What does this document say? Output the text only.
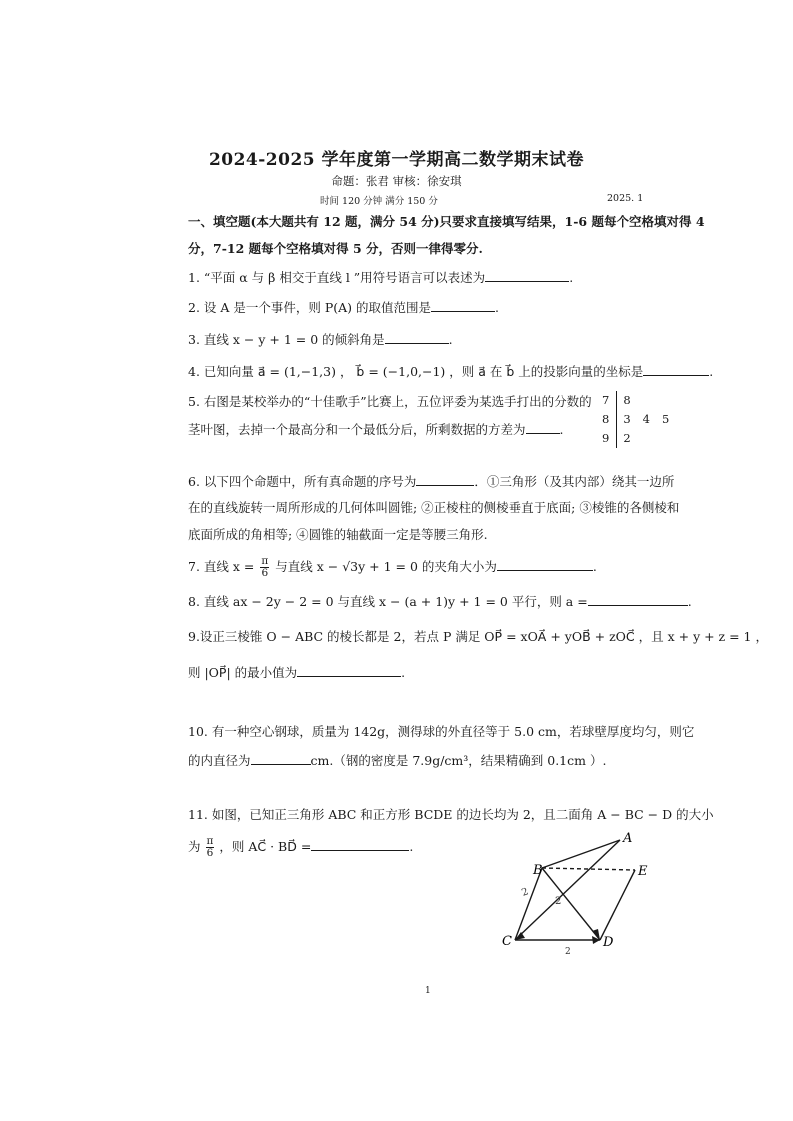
2024-2025 学年度第一学期高二数学期末试卷
命题：张君 审核：徐安琪
时间 120 分钟 满分 150 分	2025. 1
一、填空题(本大题共有 12 题，满分 54 分)只要求直接填写结果，1-6 题每个空格填对得 4
分，7-12 题每个空格填对得 5 分，否则一律得零分.
1. “平面 α 与 β 相交于直线 l ”用符号语言可以表述为	.
2. 设 A 是一个事件，则 P(A) 的取值范围是	.
3. 直线 x − y + 1 = 0 的倾斜角是	.
4. 已知向量 a⃗ = (1,−1,3) ， b⃗ = (−1,0,−1) ，则 a⃗ 在 b⃗ 上的投影向量的坐标是	.
5. 右图是某校举办的“十佳歌手”比赛上，五位评委为某选手打出的分数的
茎叶图，去掉一个最高分和一个最低分后，所剩数据的方差为	.
7	8		
8	3	4	5
9	2		
6. 以下四个命题中，所有真命题的序号为	．①三角形（及其内部）绕其一边所
在的直线旋转一周所形成的几何体叫圆锥; ②正棱柱的侧棱垂直于底面; ③棱锥的各侧棱和
底面所成的角相等; ④圆锥的轴截面一定是等腰三角形.
7. 直线 $x = \frac{\pi}{6}$ 与直线 x − √3y + 1 = 0 的夹角大小为	.
8. 直线 ax − 2y − 2 = 0 与直线 x − (a + 1)y + 1 = 0 平行，则 a =	.
9.设正三棱锥 O − ABC 的棱长都是 2，若点 P 满足 OP⃗ = xOA⃗ + yOB⃗ + zOC⃗ ，且 x + y + z = 1 ，
则 |OP⃗| 的最小值为	.
10. 有一种空心钢球，质量为 142g，测得球的外直径等于 5.0 cm，若球壁厚度均匀，则它
的内直径为	cm.（钢的密度是 7.9g/cm³，结果精确到 0.1cm ）.
11. 如图，已知正三角形 ABC 和正方形 BCDE 的边长均为 2，且二面角 A − BC − D 的大小
为 $\frac{\pi}{6}$ ，则 AC⃗ · BD⃗ =	.
A
B
C	D
E
2
2
2
1
